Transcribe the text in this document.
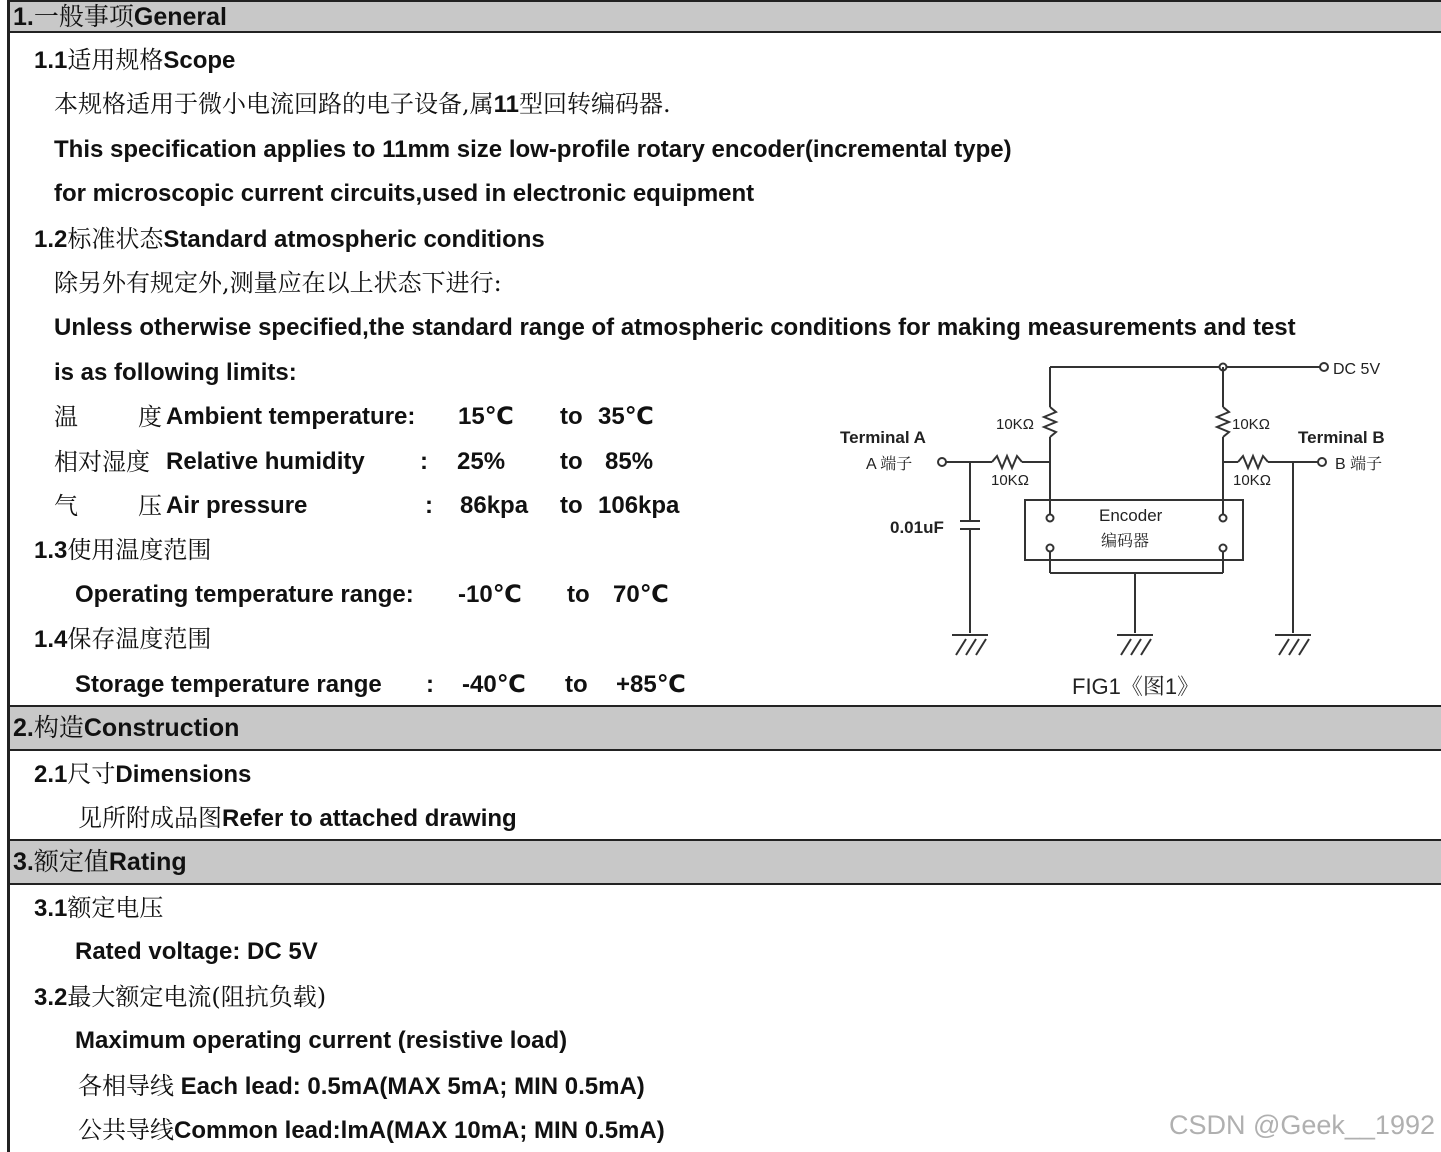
1.一般事项General
1.1适用规格Scope
本规格适用于微小电流回路的电子设备,属11型回转编码器.
This specification applies to 11mm size low-profile rotary encoder(incremental type)
for microscopic current circuits,used in electronic equipment
1.2标准状态Standard atmospheric conditions
除另外有规定外,测量应在以上状态下进行:
Unless otherwise specified,the standard range of atmospheric conditions for making measurements and test
is as following limits:
温	度 Ambient temperature: 15℃ to 35℃
相对湿度 Relative humidity : 25% to 85%
气	压 Air pressure	: 86kpa to 106kpa
1.3使用温度范围
Operating temperature range: -10℃ to 70℃
1.4保存温度范围
Storage temperature range : -40℃ to +85℃
DC 5V
Terminal A
A 端子
Terminal B
B 端子
10KΩ	10KΩ
10KΩ	10KΩ
0.01uF
Encoder
编码器
FIG1《图1》
2.构造Construction
2.1尺寸Dimensions
见所附成品图Refer to attached drawing
3.额定值Rating
3.1额定电压
Rated voltage: DC 5V
3.2最大额定电流(阻抗负载)
Maximum operating current (resistive load)
各相导线 Each lead: 0.5mA(MAX 5mA; MIN 0.5mA)
公共导线Common lead:lmA(MAX 10mA; MIN 0.5mA)	CSDN @Geek__1992
